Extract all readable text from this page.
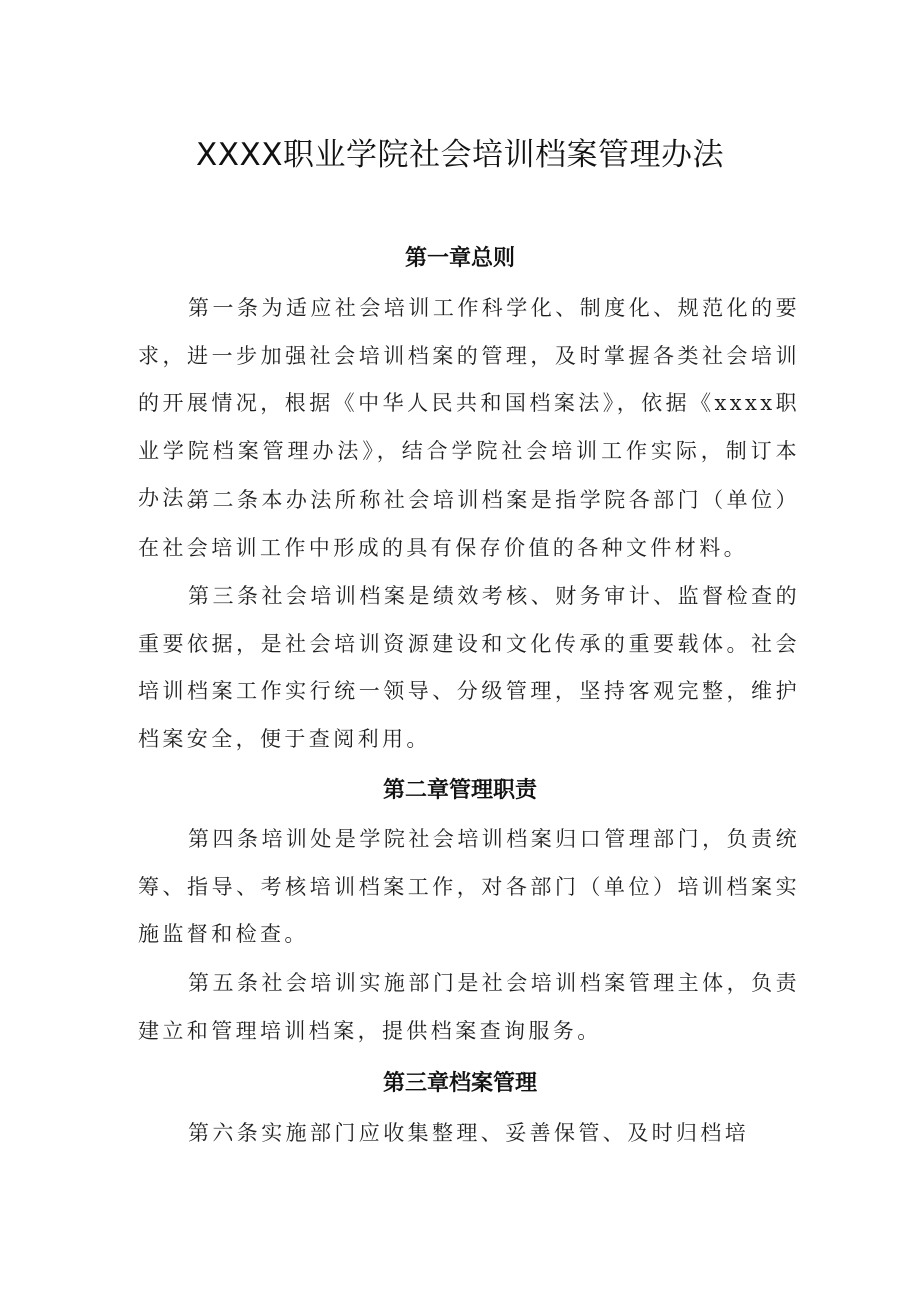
XXXX职业学院社会培训档案管理办法
第一章总则

第一条为适应社会培训工作科学化、制度化、规范化的要求，进一步加强社会培训档案的管理，及时掌握各类社会培训的开展情况，根据《中华人民共和国档案法》，依据《xxxx职业学院档案管理办法》，结合学院社会培训工作实际，制订本办法。

第二条本办法所称社会培训档案是指学院各部门（单位）在社会培训工作中形成的具有保存价值的各种文件材料。

第三条社会培训档案是绩效考核、财务审计、监督检查的重要依据，是社会培训资源建设和文化传承的重要载体。社会培训档案工作实行统一领导、分级管理，坚持客观完整，维护档案安全，便于查阅利用。

第二章管理职责

第四条培训处是学院社会培训档案归口管理部门，负责统筹、指导、考核培训档案工作，对各部门（单位）培训档案实施监督和检查。

第五条社会培训实施部门是社会培训档案管理主体，负责建立和管理培训档案，提供档案查询服务。

第三章档案管理

第六条实施部门应收集整理、妥善保管、及时归档培
